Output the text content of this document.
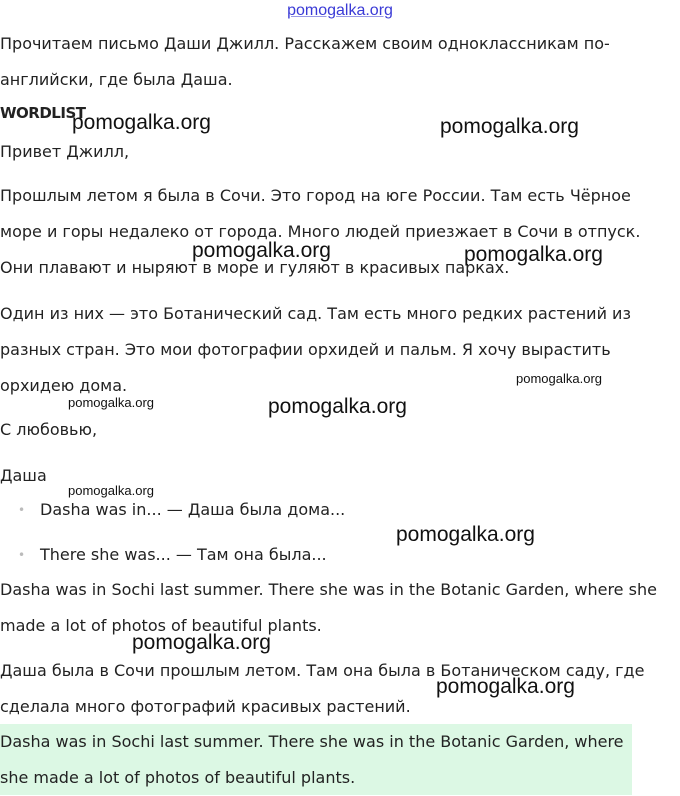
pomogalka.org

Прочитаем письмо Даши Джилл. Расскажем своим одноклассникам по-английски, где была Даша.

WORDLIST

Привет Джилл,

Прошлым летом я была в Сочи. Это город на юге России. Там есть Чёрное море и горы недалеко от города. Много людей приезжает в Сочи в отпуск. Они плавают и ныряют в море и гуляют в красивых парках.

Один из них — это Ботанический сад. Там есть много редких растений из разных стран. Это мои фотографии орхидей и пальм. Я хочу вырастить орхидею дома.

С любовью,

Даша

• Dasha was in... — Даша была дома...
• There she was... — Там она была...

Dasha was in Sochi last summer. There she was in the Botanic Garden, where she made a lot of photos of beautiful plants.

Даша была в Сочи прошлым летом. Там она была в Ботаническом саду, где сделала много фотографий красивых растений.

Dasha was in Sochi last summer. There she was in the Botanic Garden, where she made a lot of photos of beautiful plants.

pomogalka.org	pomogalka.org
pomogalka.org	pomogalka.org
pomogalka.org
pomogalka.org	pomogalka.org
pomogalka.org
pomogalka.org
pomogalka.org
pomogalka.org
